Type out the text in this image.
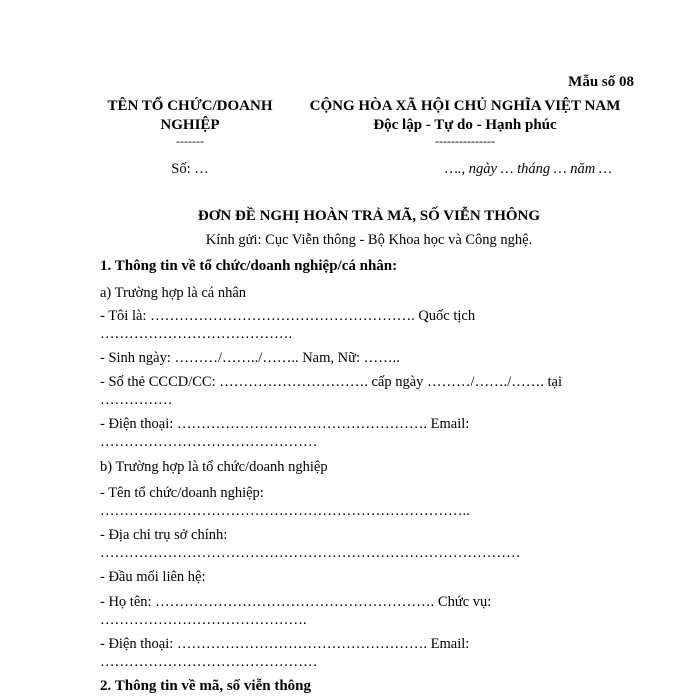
Mẫu số 08
TÊN TỔ CHỨC/DOANH
NGHIỆP
-------
Số: …
CỘNG HÒA XÃ HỘI CHỦ NGHĨA VIỆT NAM
Độc lập - Tự do - Hạnh phúc
---------------
…., ngày … tháng … năm …
ĐƠN ĐỀ NGHỊ HOÀN TRẢ MÃ, SỐ VIỄN THÔNG
Kính gửi: Cục Viễn thông - Bộ Khoa học và Công nghệ.
1. Thông tin về tổ chức/doanh nghiệp/cá nhân:
a) Trường hợp là cá nhân
- Tôi là: ………………………………………………. Quốc tịch
………………………………….
- Sinh ngày: ………/……../…….. Nam, Nữ: ……..
- Số thẻ CCCD/CC: …………………………. cấp ngày ………/……./……. tại
……………
- Điện thoại: ……………………………………………. Email:
………………………………………
b) Trường hợp là tổ chức/doanh nghiệp
- Tên tổ chức/doanh nghiệp:
…………………………………………………………………..
- Địa chỉ trụ sở chính:
……………………………………………………………………………
- Đầu mối liên hệ:
- Họ tên: …………………………………………………. Chức vụ:
…………………………………….
- Điện thoại: ……………………………………………. Email:
………………………………………
2. Thông tin về mã, số viễn thông
